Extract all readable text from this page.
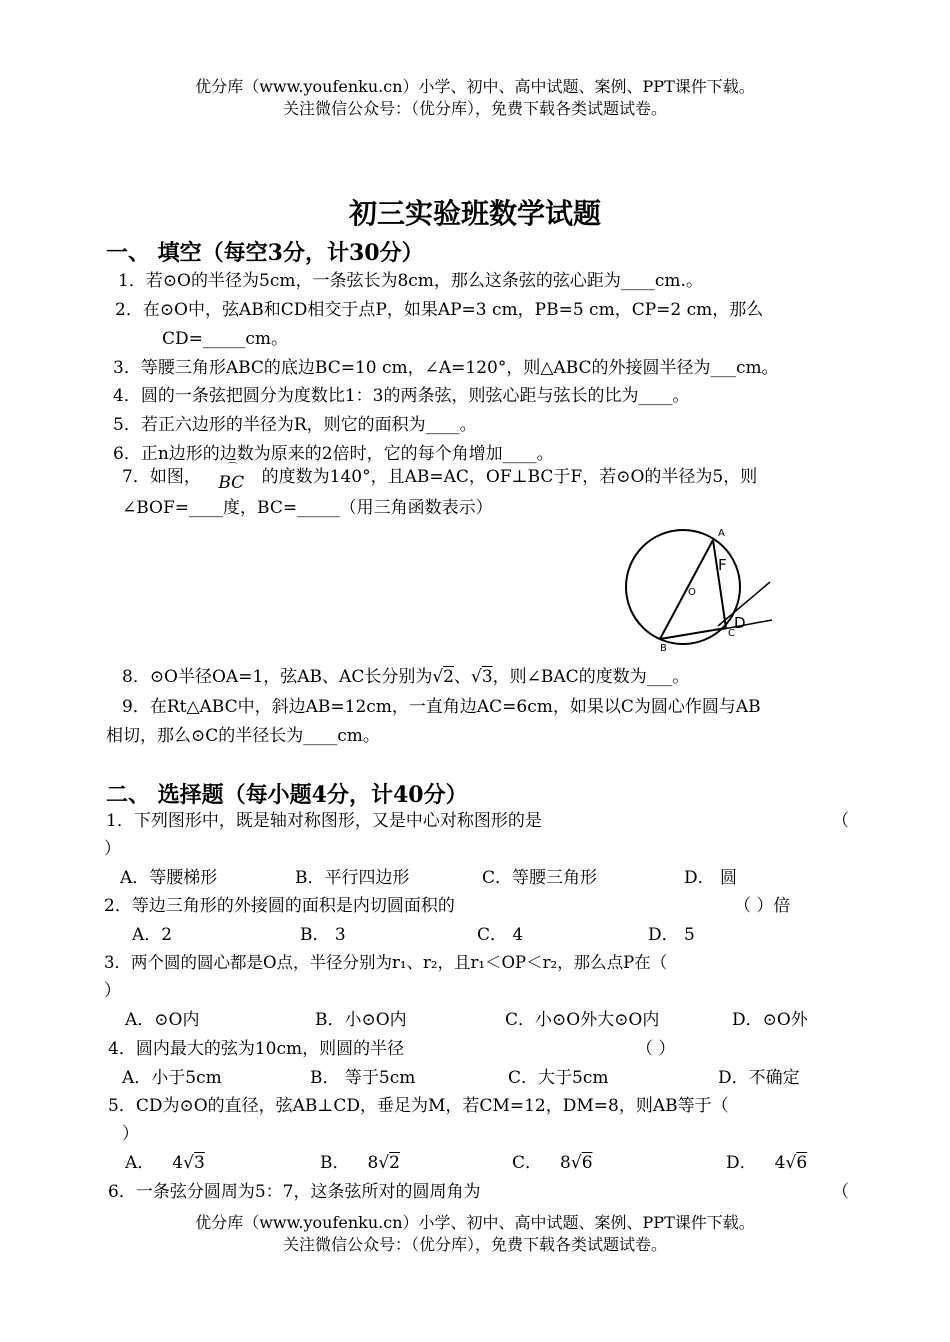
优分库（www.youfenku.cn）小学、初中、高中试题、案例、PPT课件下载。
关注微信公众号：（优分库），免费下载各类试题试卷。
初三实验班数学试题
一、 填空（每空3分，计30分）
1．若⊙O的半径为5cm，一条弦长为8cm，那么这条弦的弦心距为____cm.。
2．在⊙O中，弦AB和CD相交于点P，如果AP=3 cm，PB=5 cm，CP=2 cm，那么
CD=_____cm。
3．等腰三角形ABC的底边BC=10 cm，∠A=120°，则△ABC的外接圆半径为___cm。
4．圆的一条弦把圆分为度数比1：3的两条弦，则弦心距与弦长的比为____。
5．若正六边形的半径为R，则它的面积为____。
6．正n边形的边数为原来的2倍时，它的每个角增加____。
7．如图，	⌒
BC 的度数为140°，且AB=AC，OF⊥BC于F，若⊙O的半径为5，则
∠BOF=____度，BC=_____（用三角函数表示）
A
F
O
D
C
B
8．⊙O半径OA=1，弦AB、AC长分别为√2、√3，则∠BAC的度数为___。
9．在Rt△ABC中，斜边AB=12cm，一直角边AC=6cm，如果以C为圆心作圆与AB
相切，那么⊙C的半径长为____cm。
二、 选择题（每小题4分，计40分）
1．下列图形中，既是轴对称图形，又是中心对称图形的是	（
）
A．等腰梯形	B．平行四边形	C．等腰三角形	D． 圆
2．等边三角形的外接圆的面积是内切圆面积的	（ ）倍
A．2	B． 3	C． 4	D． 5
3．两个圆的圆心都是O点，半径分别为r₁、r₂，且r₁＜OP＜r₂，那么点P在（
）
A．⊙O内	B．小⊙O内	C．小⊙O外大⊙O内	D．⊙O外
4．圆内最大的弦为10cm，则圆的半径	（ ）
A．小于5cm	B． 等于5cm	C．大于5cm	D．不确定
5．CD为⊙O的直径，弦AB⊥CD，垂足为M，若CM=12，DM=8，则AB等于（
）
A． 4√3	B． 8√2	C． 8√6	D． 4√6
6．一条弦分圆周为5：7，这条弦所对的圆周角为	（
优分库（www.youfenku.cn）小学、初中、高中试题、案例、PPT课件下载。
关注微信公众号：（优分库），免费下载各类试题试卷。
